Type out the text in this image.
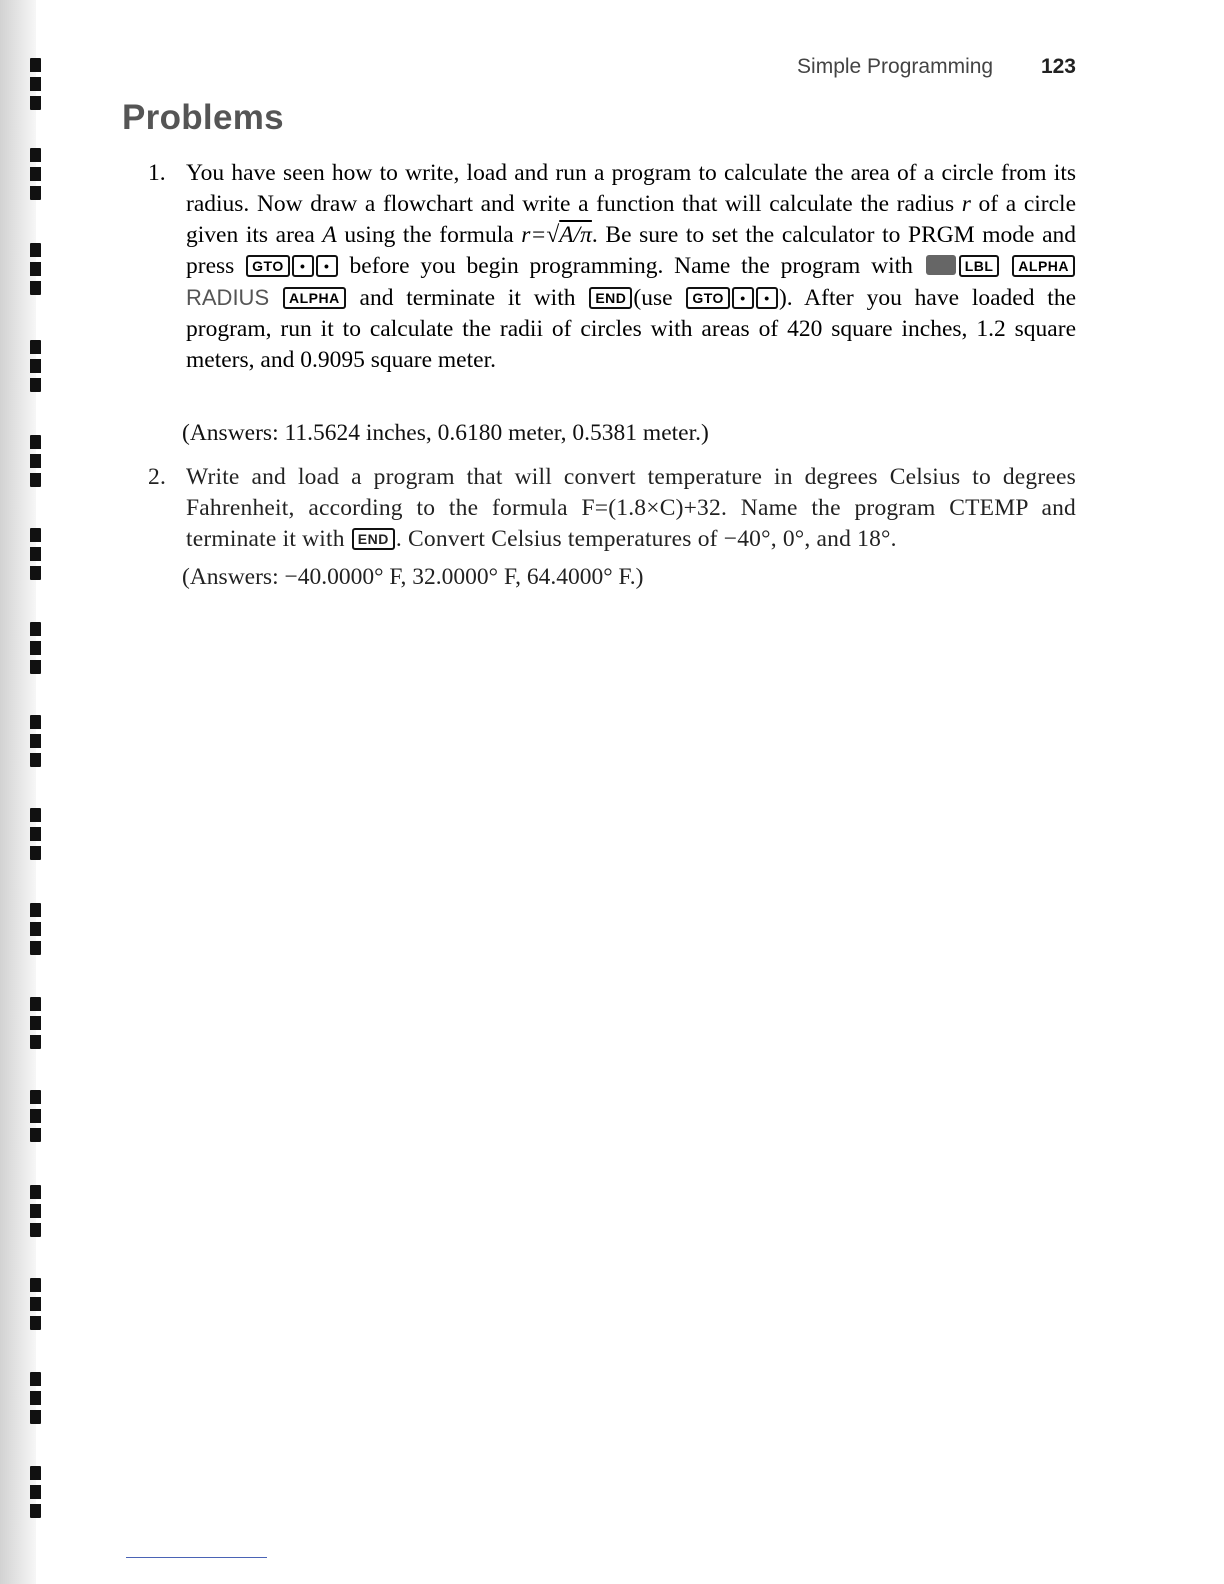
Simple Programming 123
Problems
1. You have seen how to write, load and run a program to calculate the area of a circle from its radius. Now draw a flowchart and write a function that will calculate the radius r of a circle given its area A using the formula r=√A/π. Be sure to set the calculator to PRGM mode and press GTO • • before you begin programming. Name the program with	LBL ALPHA RADIUS ALPHA and terminate it with END (use GTO • • ). After you have loaded the program, run it to calculate the radii of circles with areas of 420 square inches, 1.2 square meters, and 0.9095 square meter.
(Answers: 11.5624 inches, 0.6180 meter, 0.5381 meter.)
2. Write and load a program that will convert temperature in degrees Celsius to degrees Fahrenheit, according to the formula F=(1.8×C)+32. Name the program CTEMP and terminate it with END . Convert Celsius temperatures of −40°, 0°, and 18°.
(Answers: −40.0000° F, 32.0000° F, 64.4000° F.)
